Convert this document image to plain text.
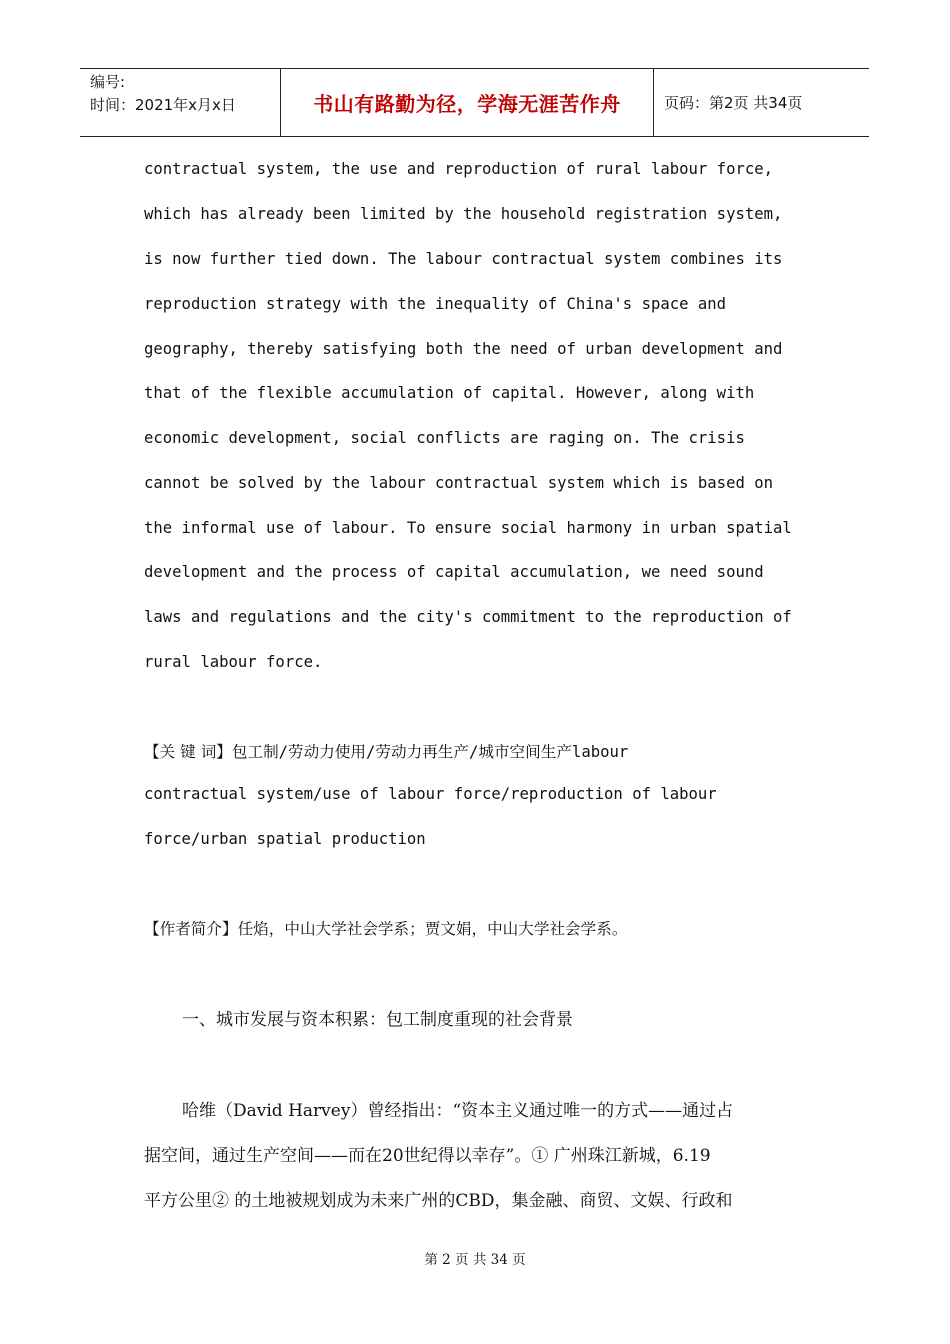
编号:
时间：2021年x月x日	书山有路勤为径，学海无涯苦作舟	页码：第2页 共34页
contractual system, the use and reproduction of rural labour force,
which has already been limited by the household registration system,
is now further tied down. The labour contractual system combines its
reproduction strategy with the inequality of China's space and
geography, thereby satisfying both the need of urban development and
that of the flexible accumulation of capital. However, along with
economic development, social conflicts are raging on. The crisis
cannot be solved by the labour contractual system which is based on
the informal use of labour. To ensure social harmony in urban spatial
development and the process of capital accumulation, we need sound
laws and regulations and the city's commitment to the reproduction of
rural labour force.
【关 键 词】包工制/劳动力使用/劳动力再生产/城市空间生产labour
contractual system/use of labour force/reproduction of labour
force/urban spatial production
【作者简介】任焰，中山大学社会学系；贾文娟，中山大学社会学系。
一、城市发展与资本积累：包工制度重现的社会背景
哈维（David Harvey）曾经指出：“资本主义通过唯一的方式——通过占
据空间，通过生产空间——而在20世纪得以幸存”。① 广州珠江新城，6.19
平方公里② 的土地被规划成为未来广州的CBD，集金融、商贸、文娱、行政和
第 2 页 共 34 页
